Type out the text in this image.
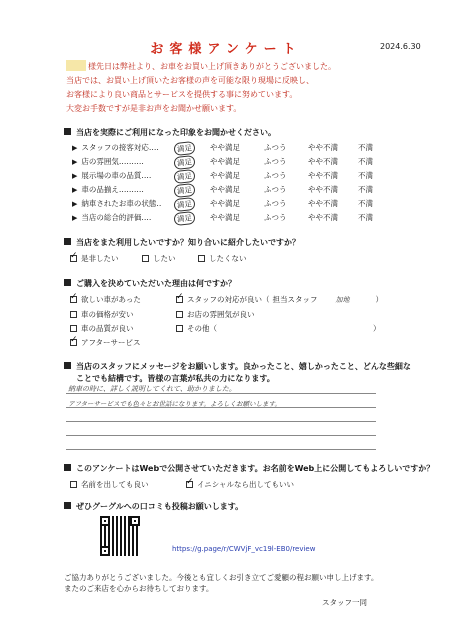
2024.6.30
お客様アンケート
様先日は弊社より、お車をお買い上げ頂きありがとうございました。
当店では、お買い上げ頂いたお客様の声を可能な限り現場に反映し、
お客様により良い商品とサービスを提供する事に努めています。
大変お手数ですが是非お声をお聞かせ願います。
当店を実際にご利用になった印象をお聞かせください。
▶ スタッフの接客対応‥‥	満足	やや満足	ふつう	やや不満	不満
▶ 店の雰囲気‥‥‥‥‥	満足	やや満足	ふつう	やや不満	不満
▶ 展示場の車の品質‥‥	満足	やや満足	ふつう	やや不満	不満
▶ 車の品揃え‥‥‥‥‥	満足	やや満足	ふつう	やや不満	不満
▶ 納車されたお車の状態‥	満足	やや満足	ふつう	やや不満	不満
▶ 当店の総合的評価‥‥	満足	やや満足	ふつう	やや不満	不満
当店をまた利用したいですか？知り合いに紹介したいですか？
✓是非したい	したい	したくない
ご購入を決めていただいた理由は何ですか？
✓欲しい車があった
車の価格が安い
車の品質が良い
✓アフターサービス
✓スタッフの対応が良い（ 担当スタッフ	加地	）
お店の雰囲気が良い
その他（	）
当店のスタッフにメッセージをお願いします。良かったこと、嬉しかったこと、どんな些細な
ことでも結構です。皆様の言葉が私共の力になります。
納車の時に、詳しく説明してくれて、助かりました。
アフターサービスでも色々とお世話になります。よろしくお願いします。
このアンケートはWebで公開させていただきます。お名前をWeb上に公開してもよろしいですか？
名前を出しても良い
✓	イニシャルなら出してもいい
ぜひグーグルへの口コミも投稿お願いします。
https://g.page/r/CWVjF_vc19l-EB0/review
ご協力ありがとうございました。今後とも宜しくお引き立てご愛顧の程お願い申し上げます。
またのご来店を心からお待ちしております。
スタッフ一同
